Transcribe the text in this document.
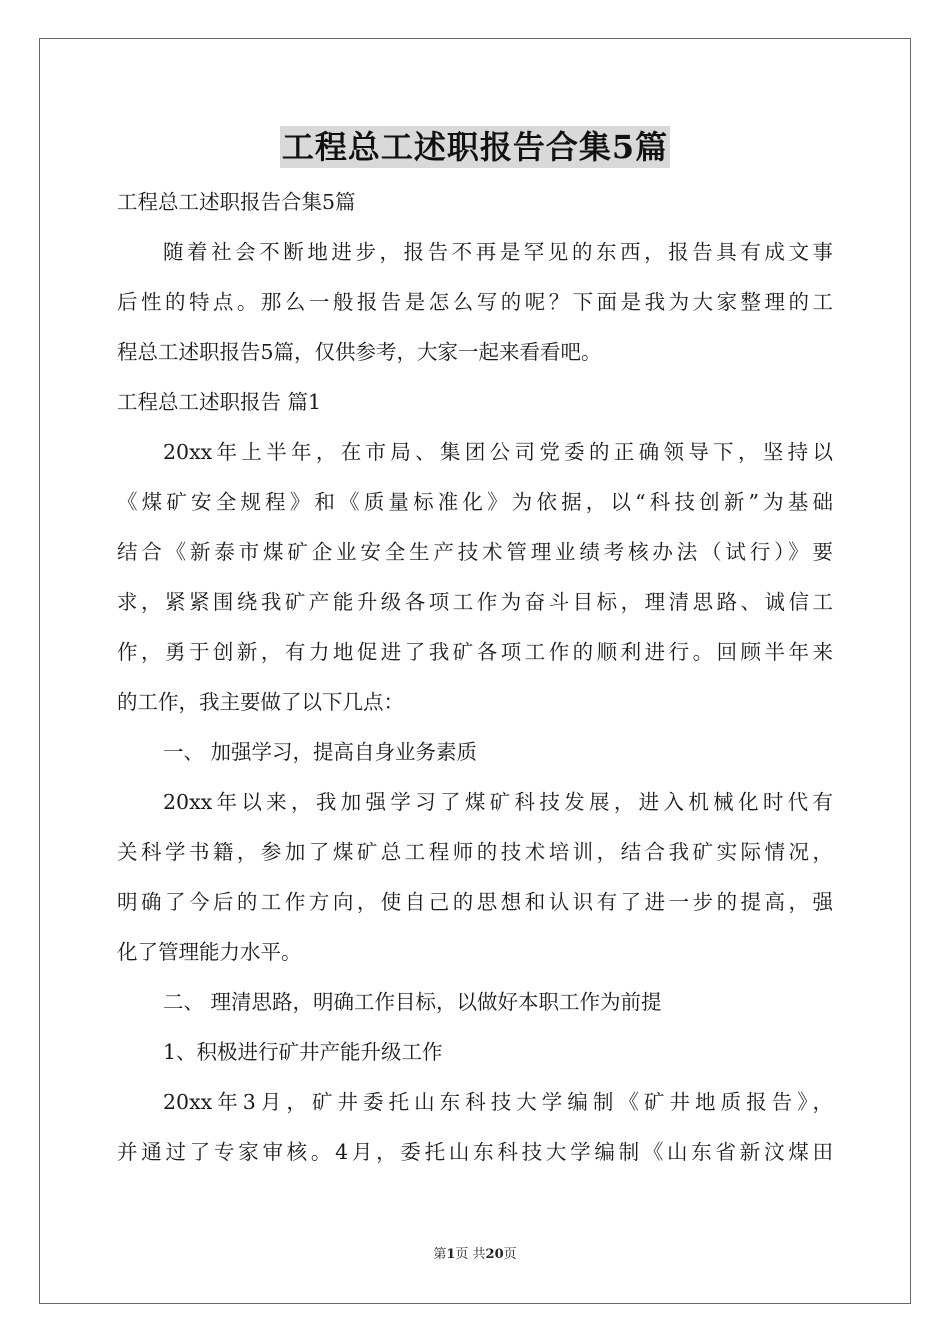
工程总工述职报告合集5篇
工程总工述职报告合集5篇
随着社会不断地进步，报告不再是罕见的东西，报告具有成文事
后性的特点。那么一般报告是怎么写的呢？下面是我为大家整理的工
程总工述职报告5篇，仅供参考，大家一起来看看吧。
工程总工述职报告 篇1
20xx年上半年，在市局、集团公司党委的正确领导下，坚持以
《煤矿安全规程》和《质量标准化》为依据，以“科技创新”为基础
结合《新泰市煤矿企业安全生产技术管理业绩考核办法（试行）》要
求，紧紧围绕我矿产能升级各项工作为奋斗目标，理清思路、诚信工
作，勇于创新，有力地促进了我矿各项工作的顺利进行。回顾半年来
的工作，我主要做了以下几点：
一、 加强学习，提高自身业务素质
20xx年以来，我加强学习了煤矿科技发展，进入机械化时代有
关科学书籍，参加了煤矿总工程师的技术培训，结合我矿实际情况，
明确了今后的工作方向，使自己的思想和认识有了进一步的提高，强
化了管理能力水平。
二、 理清思路，明确工作目标，以做好本职工作为前提
1、积极进行矿井产能升级工作
20xx年3月，矿井委托山东科技大学编制《矿井地质报告》，
并通过了专家审核。4月，委托山东科技大学编制《山东省新汶煤田
第1页 共20页
